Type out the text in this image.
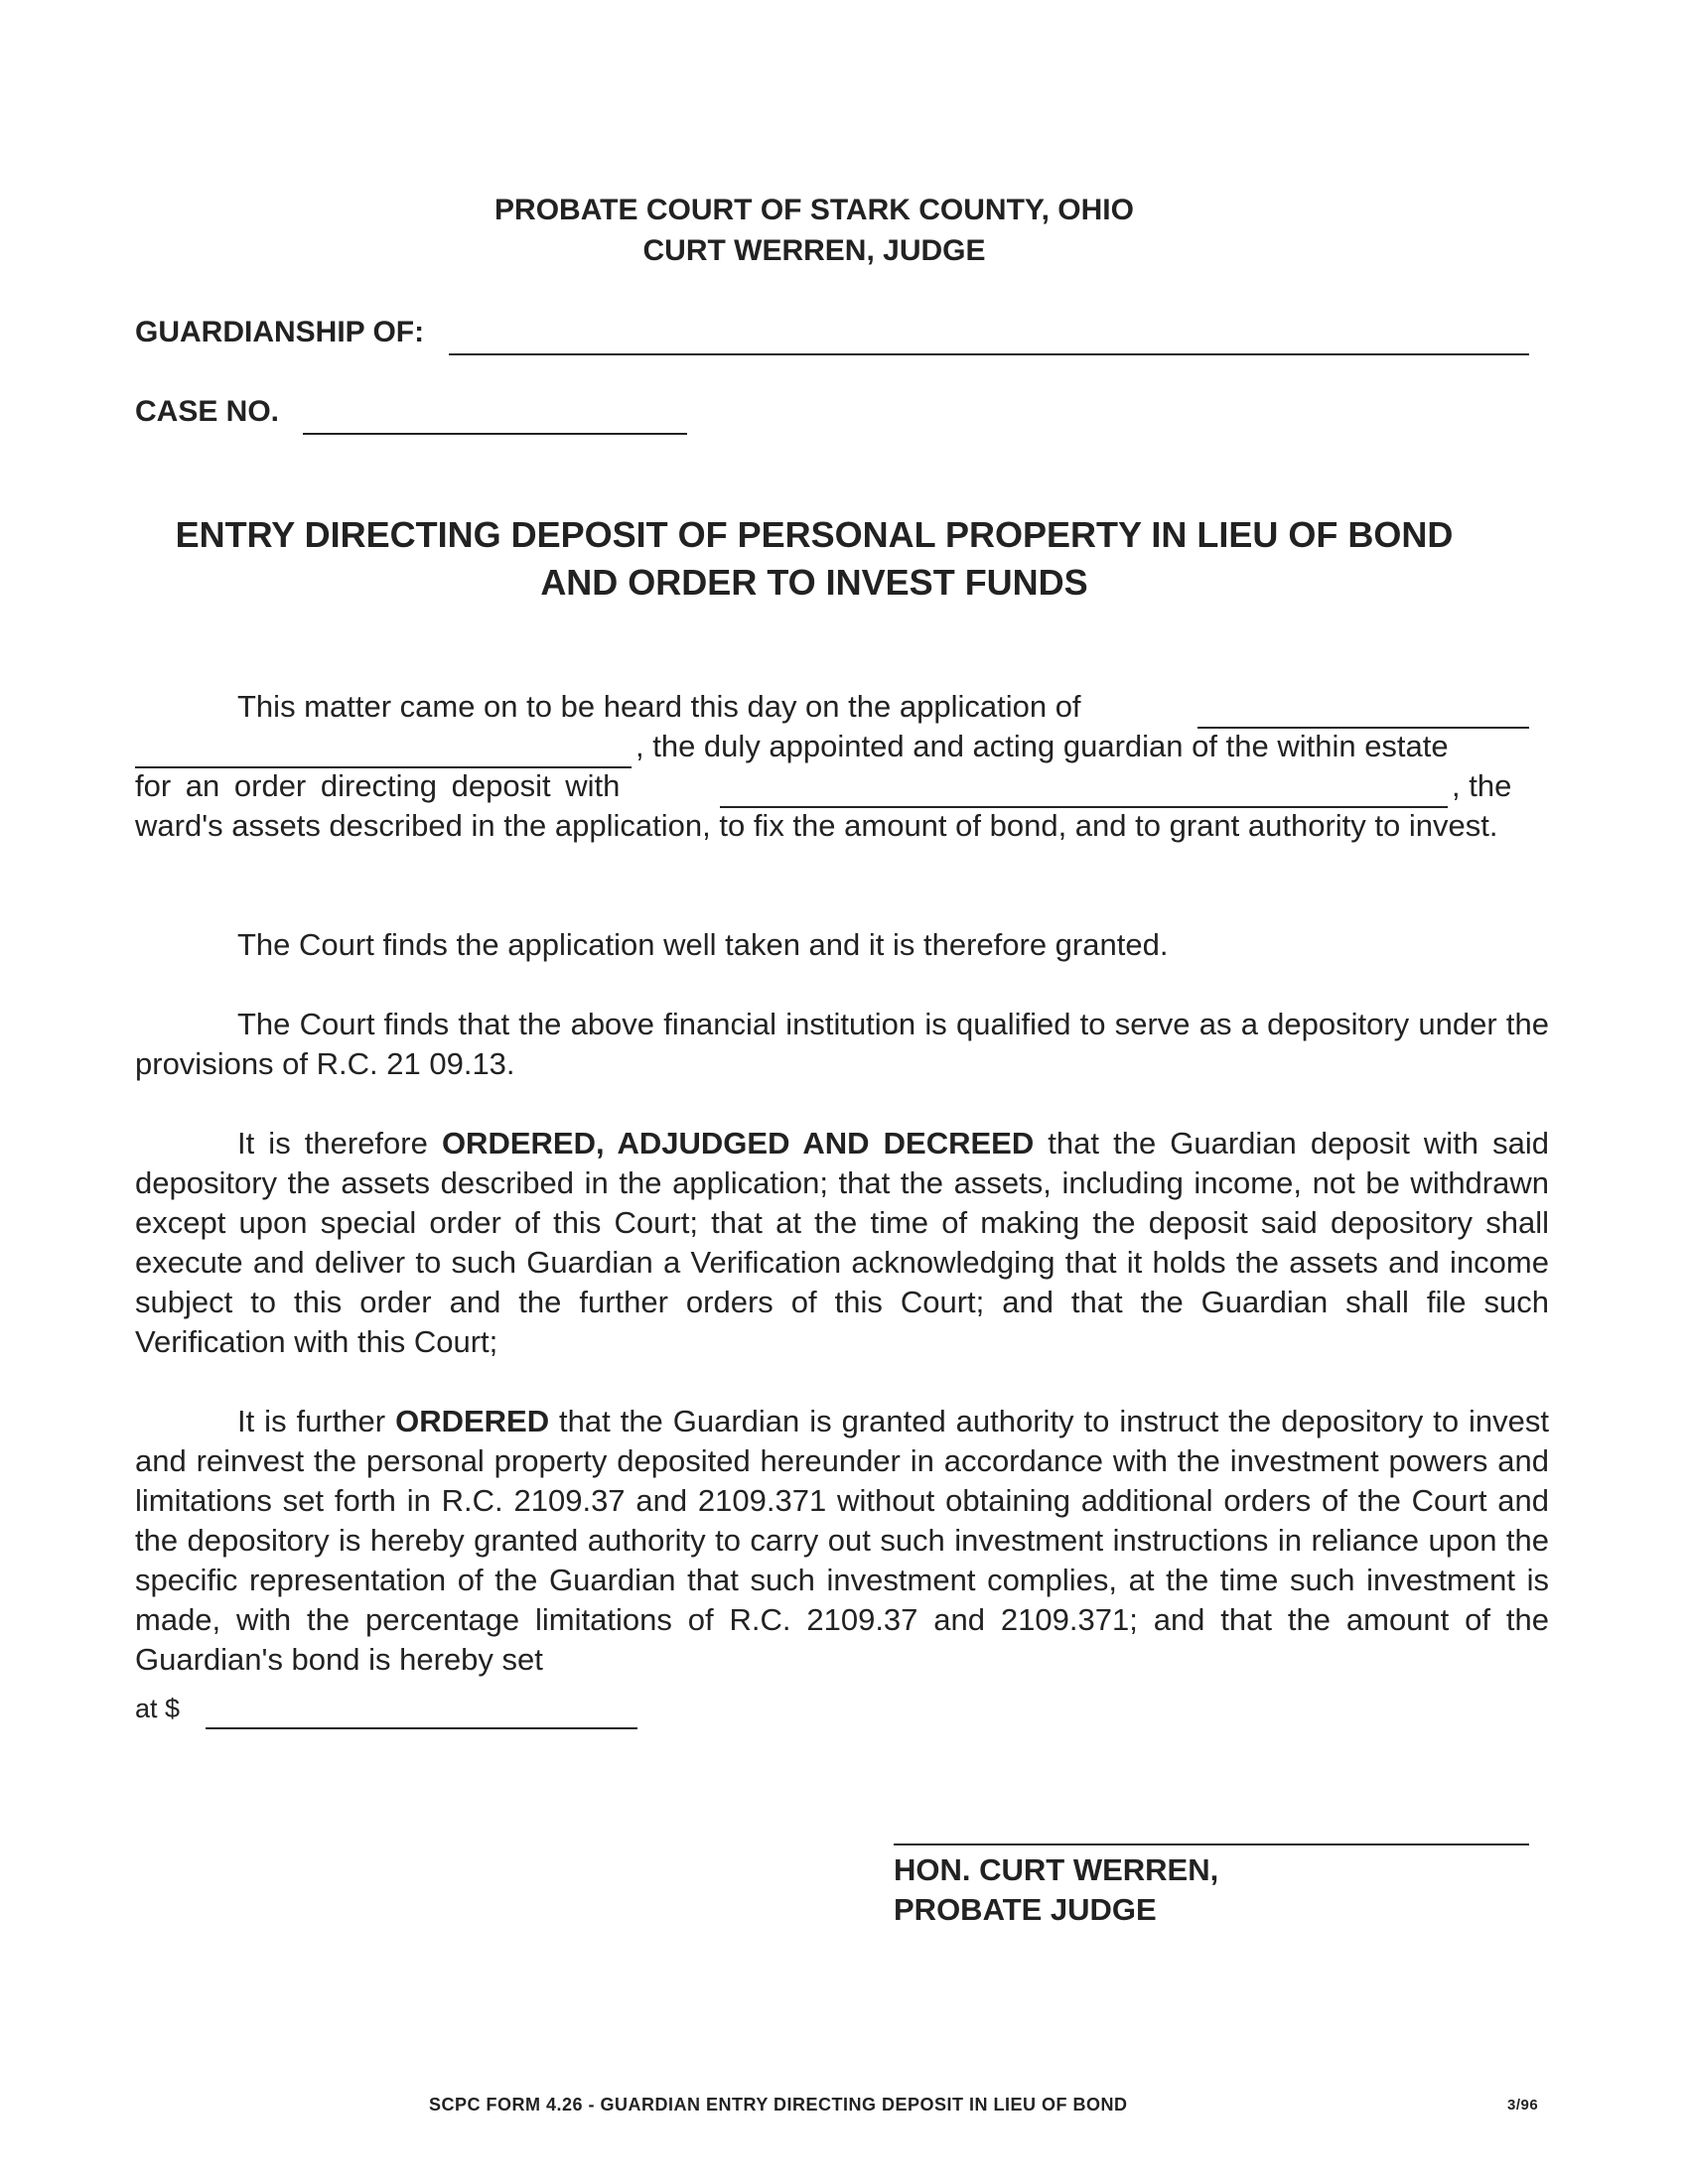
PROBATE COURT OF STARK COUNTY, OHIO
CURT WERREN, JUDGE
GUARDIANSHIP OF:
CASE NO.
ENTRY DIRECTING DEPOSIT OF PERSONAL PROPERTY IN LIEU OF BOND
AND ORDER TO INVEST FUNDS
This matter came on to be heard this day on the application of
, the duly appointed and acting guardian of the within estate
for an order directing deposit with	, the
ward's assets described in the application, to fix the amount of bond, and to grant authority to invest.
The Court finds the application well taken and it is therefore granted.
The Court finds that the above financial institution is qualified to serve as a depository under the provisions of R.C. 21 09.13.
It is therefore ORDERED, ADJUDGED AND DECREED that the Guardian deposit with said depository the assets described in the application; that the assets, including income, not be withdrawn except upon special order of this Court; that at the time of making the deposit said depository shall execute and deliver to such Guardian a Verification acknowledging that it holds the assets and income subject to this order and the further orders of this Court; and that the Guardian shall file such Verification with this Court;
It is further ORDERED that the Guardian is granted authority to instruct the depository to invest and reinvest the personal property deposited hereunder in accordance with the investment powers and limitations set forth in R.C. 2109.37 and 2109.371 without obtaining additional orders of the Court and the depository is hereby granted authority to carry out such investment instructions in reliance upon the specific representation of the Guardian that such investment complies, at the time such investment is made, with the percentage limitations of R.C. 2109.37 and 2109.371; and that the amount of the Guardian's bond is hereby set
at $
HON. CURT WERREN,
PROBATE JUDGE
SCPC FORM 4.26 - GUARDIAN ENTRY DIRECTING DEPOSIT IN LIEU OF BOND	3/96
